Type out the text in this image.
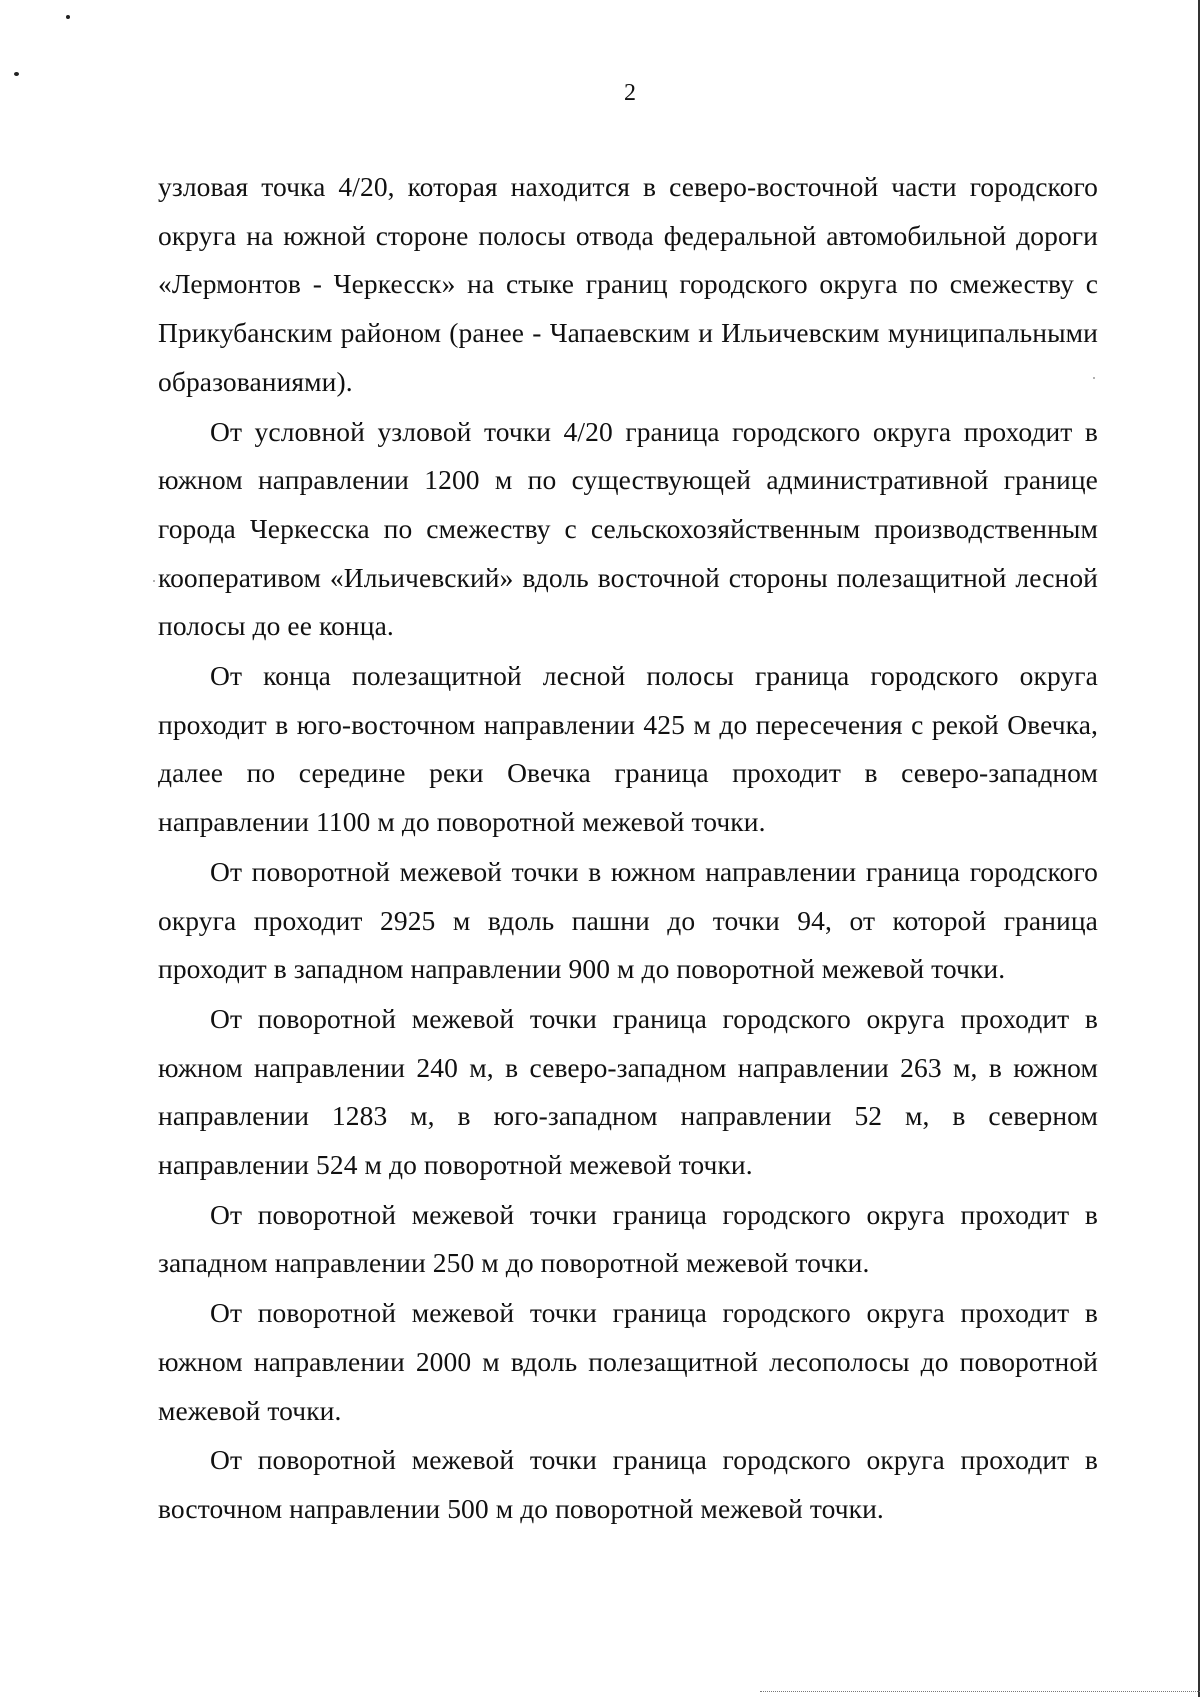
2

узловая точка 4/20, которая находится в северо-восточной части городского округа на южной стороне полосы отвода федеральной автомобильной дороги «Лермонтов - Черкесск» на стыке границ городского округа по смежеству с Прикубанским районом (ранее - Чапаевским и Ильичевским муниципальными образованиями).

От условной узловой точки 4/20 граница городского округа проходит в южном направлении 1200 м по существующей административной границе города Черкесска по смежеству с сельскохозяйственным производственным кооперативом «Ильичевский» вдоль восточной стороны полезащитной лесной полосы до ее конца.

От конца полезащитной лесной полосы граница городского округа проходит в юго-восточном направлении 425 м до пересечения с рекой Овечка, далее по середине реки Овечка граница проходит в северо-западном направлении 1100 м до поворотной межевой точки.

От поворотной межевой точки в южном направлении граница городского округа проходит 2925 м вдоль пашни до точки 94, от которой граница проходит в западном направлении 900 м до поворотной межевой точки.

От поворотной межевой точки граница городского округа проходит в южном направлении 240 м, в северо-западном направлении 263 м, в южном направлении 1283 м, в юго-западном направлении 52 м, в северном направлении 524 м до поворотной межевой точки.

От поворотной межевой точки граница городского округа проходит в западном направлении 250 м до поворотной межевой точки.

От поворотной межевой точки граница городского округа проходит в южном направлении 2000 м вдоль полезащитной лесополосы до поворотной межевой точки.

От поворотной межевой точки граница городского округа проходит в восточном направлении 500 м до поворотной межевой точки.
